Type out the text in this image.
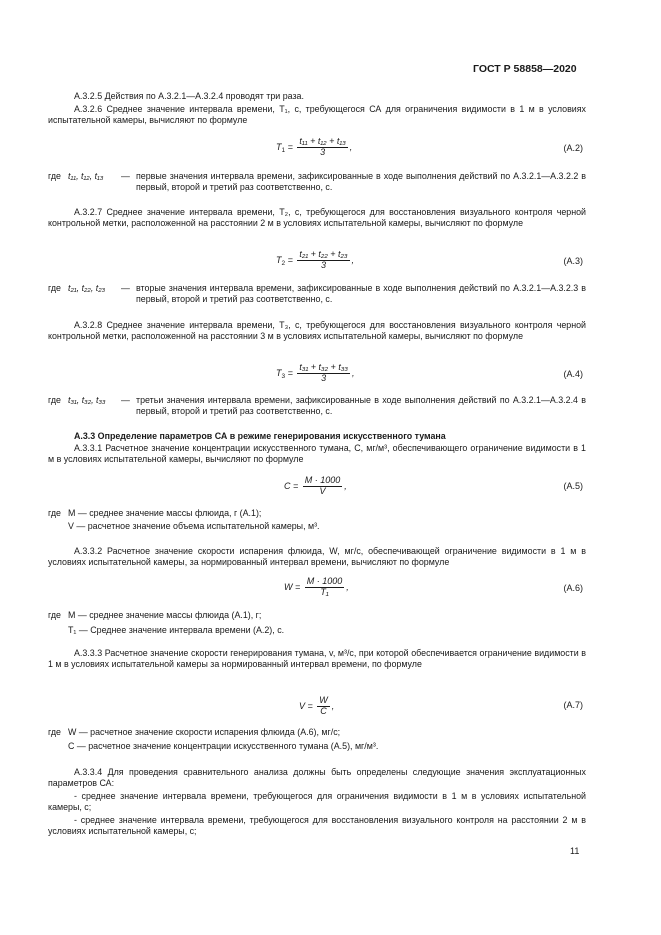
ГОСТ Р 58858—2020
А.3.2.5 Действия по А.3.2.1—А.3.2.4 проводят три раза.
А.3.2.6 Среднее значение интервала времени, T₁, с, требующегося СА для ограничения видимости в 1 м в условиях испытательной камеры, вычисляют по формуле
$T_1 = \frac{\text{t₁₁ + t₁₂ + t₁₃}}{3}$ ,	(А.2)
где t₁₁, t₁₂, t₁₃ — первые значения интервала времени, зафиксированные в ходе выполнения действий по А.3.2.1—А.3.2.2 в первый, второй и третий раз соответственно, с.
А.3.2.7 Среднее значение интервала времени, T₂, с, требующегося для восстановления визуального контроля черной контрольной метки, расположенной на расстоянии 2 м в условиях испытательной камеры, вычисляют по формуле
$T_2 = \frac{\text{t₂₁ + t₂₂ + t₂₃}}{3}$ ,	(А.3)
где t₂₁, t₂₂, t₂₃ — вторые значения интервала времени, зафиксированные в ходе выполнения действий по А.3.2.1—А.3.2.3 в первый, второй и третий раз соответственно, с.
А.3.2.8 Среднее значение интервала времени, T₃, с, требующегося для восстановления визуального контроля черной контрольной метки, расположенной на расстоянии 3 м в условиях испытательной камеры, вычисляют по формуле
$T_3 = \frac{\text{t₃₁ + t₃₂ + t₃₃}}{3}$ ,	(А.4)
где t₃₁, t₃₂, t₃₃ — третьи значения интервала времени, зафиксированные в ходе выполнения действий по А.3.2.1—А.3.2.4 в первый, второй и третий раз соответственно, с.
А.3.3 Определение параметров СА в режиме генерирования искусственного тумана
А.3.3.1 Расчетное значение концентрации искусственного тумана, С, мг/м³, обеспечивающего ограничение видимости в 1 м в условиях испытательной камеры, вычисляют по формуле
$C = \frac{M \cdot 1000}{V}$ ,	(А.5)
где M — среднее значение массы флюида, г (А.1);
V — расчетное значение объема испытательной камеры, м³.
А.3.3.2 Расчетное значение скорости испарения флюида, W, мг/с, обеспечивающей ограничение видимости в 1 м в условиях испытательной камеры, за нормированный интервал времени, вычисляют по формуле
$W = \frac{M \cdot 1000}{\text{T₁}}$ ,	(А.6)
где M — среднее значение массы флюида (А.1), г;
T₁ — Среднее значение интервала времени (А.2), с.
А.3.3.3 Расчетное значение скорости генерирования тумана, v, м³/с, при которой обеспечивается ограничение видимости в 1 м в условиях испытательной камеры за нормированный интервал времени, по формуле
$V = \frac{W}{C}$ ,	(А.7)
где W — расчетное значение скорости испарения флюида (А.6), мг/с;
C — расчетное значение концентрации искусственного тумана (А.5), мг/м³.
А.3.3.4 Для проведения сравнительного анализа должны быть определены следующие значения эксплуатационных параметров СА:
- среднее значение интервала времени, требующегося для ограничения видимости в 1 м в условиях испытательной камеры, с;
- среднее значение интервала времени, требующегося для восстановления визуального контроля на расстоянии 2 м в условиях испытательной камеры, с;
11
